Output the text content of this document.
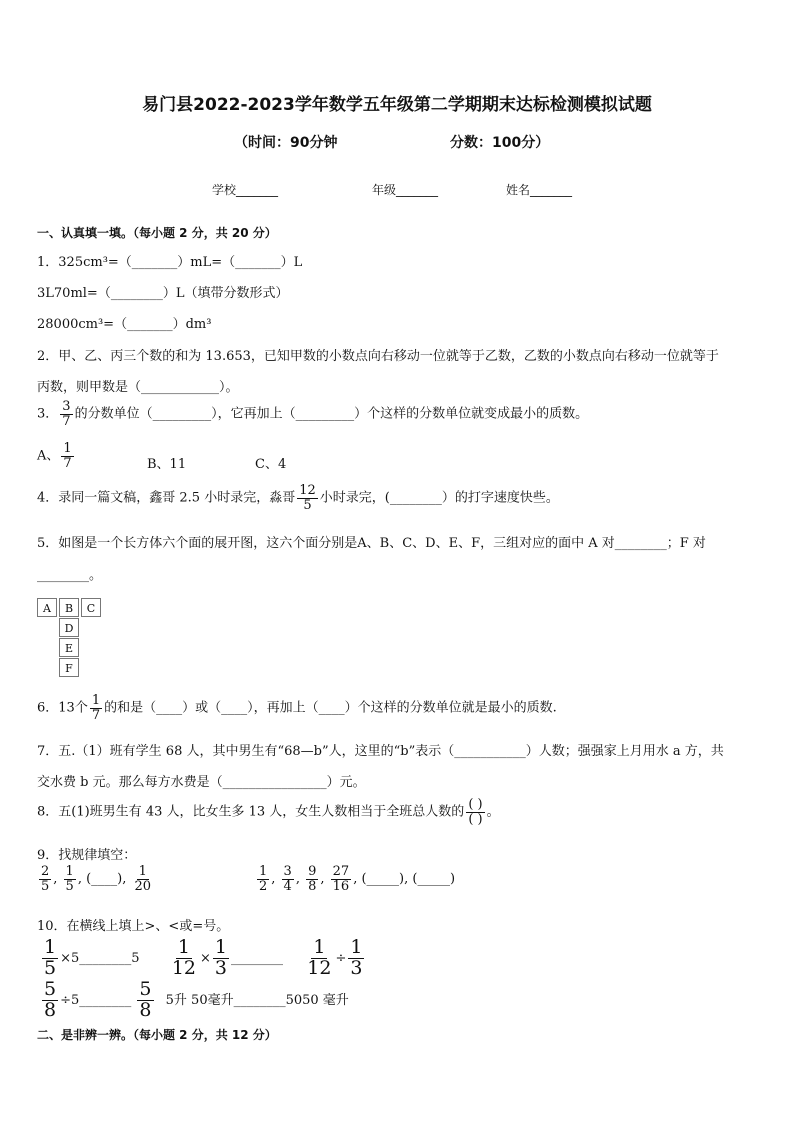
易门县2022-2023学年数学五年级第二学期期末达标检测模拟试题
（时间：90分钟	分数：100分）
学校_______	年级_______	姓名_______
一、认真填一填。（每小题 2 分，共 20 分）
1．325cm³=（_______）mL=（_______）L
3L70ml=（________）L（填带分数形式）
28000cm³=（_______）dm³
2．甲、乙、丙三个数的和为 13.653，已知甲数的小数点向右移动一位就等于乙数，乙数的小数点向右移动一位就等于
丙数，则甲数是（____________）。
3． $\frac{3}{7}$ 的分数单位（_________），它再加上（_________）个这样的分数单位就变成最小的质数。
A、 $\frac{1}{7}$	B、11	C、4
4．录同一篇文稿，鑫哥 2.5 小时录完，淼哥 $\frac{12}{5}$ 小时录完，(________）的打字速度快些。
5．如图是一个长方体六个面的展开图，这六个面分别是A、B、C、D、E、F，三组对应的面中 A 对________；F 对
________。
A	B	C
D
E
F
6．13个 $\frac{1}{7}$ 的和是（____）或（____），再加上（____）个这样的分数单位就是最小的质数.
7．五.（1）班有学生 68 人，其中男生有“68—b”人，这里的“b”表示（___________）人数；强强家上月用水 a 方，共
交水费 b 元。那么每方水费是（________________）元。
8．五(1)班男生有 43 人，比女生多 13 人，女生人数相当于全班总人数的 $\frac{( )}{( )}$ 。
9．找规律填空：
$\frac{2}{5}$ , $\frac{1}{5}$ , (____), $\frac{1}{20}$	$\frac{1}{2}$ , $\frac{3}{4}$ , $\frac{9}{8}$ , $\frac{27}{16}$ , (_____), (_____)
10．在横线上填上>、<或=号。
$\frac{1}{5}$ ×5________5 $\frac{1}{12} \times \frac{1}{3}$ ________ $\frac{1}{12} \div \frac{1}{3}$
$\frac{5}{8}$ ÷5________ $\frac{5}{8} 5$升 50毫升________5050 毫升
二、是非辨一辨。（每小题 2 分，共 12 分）
